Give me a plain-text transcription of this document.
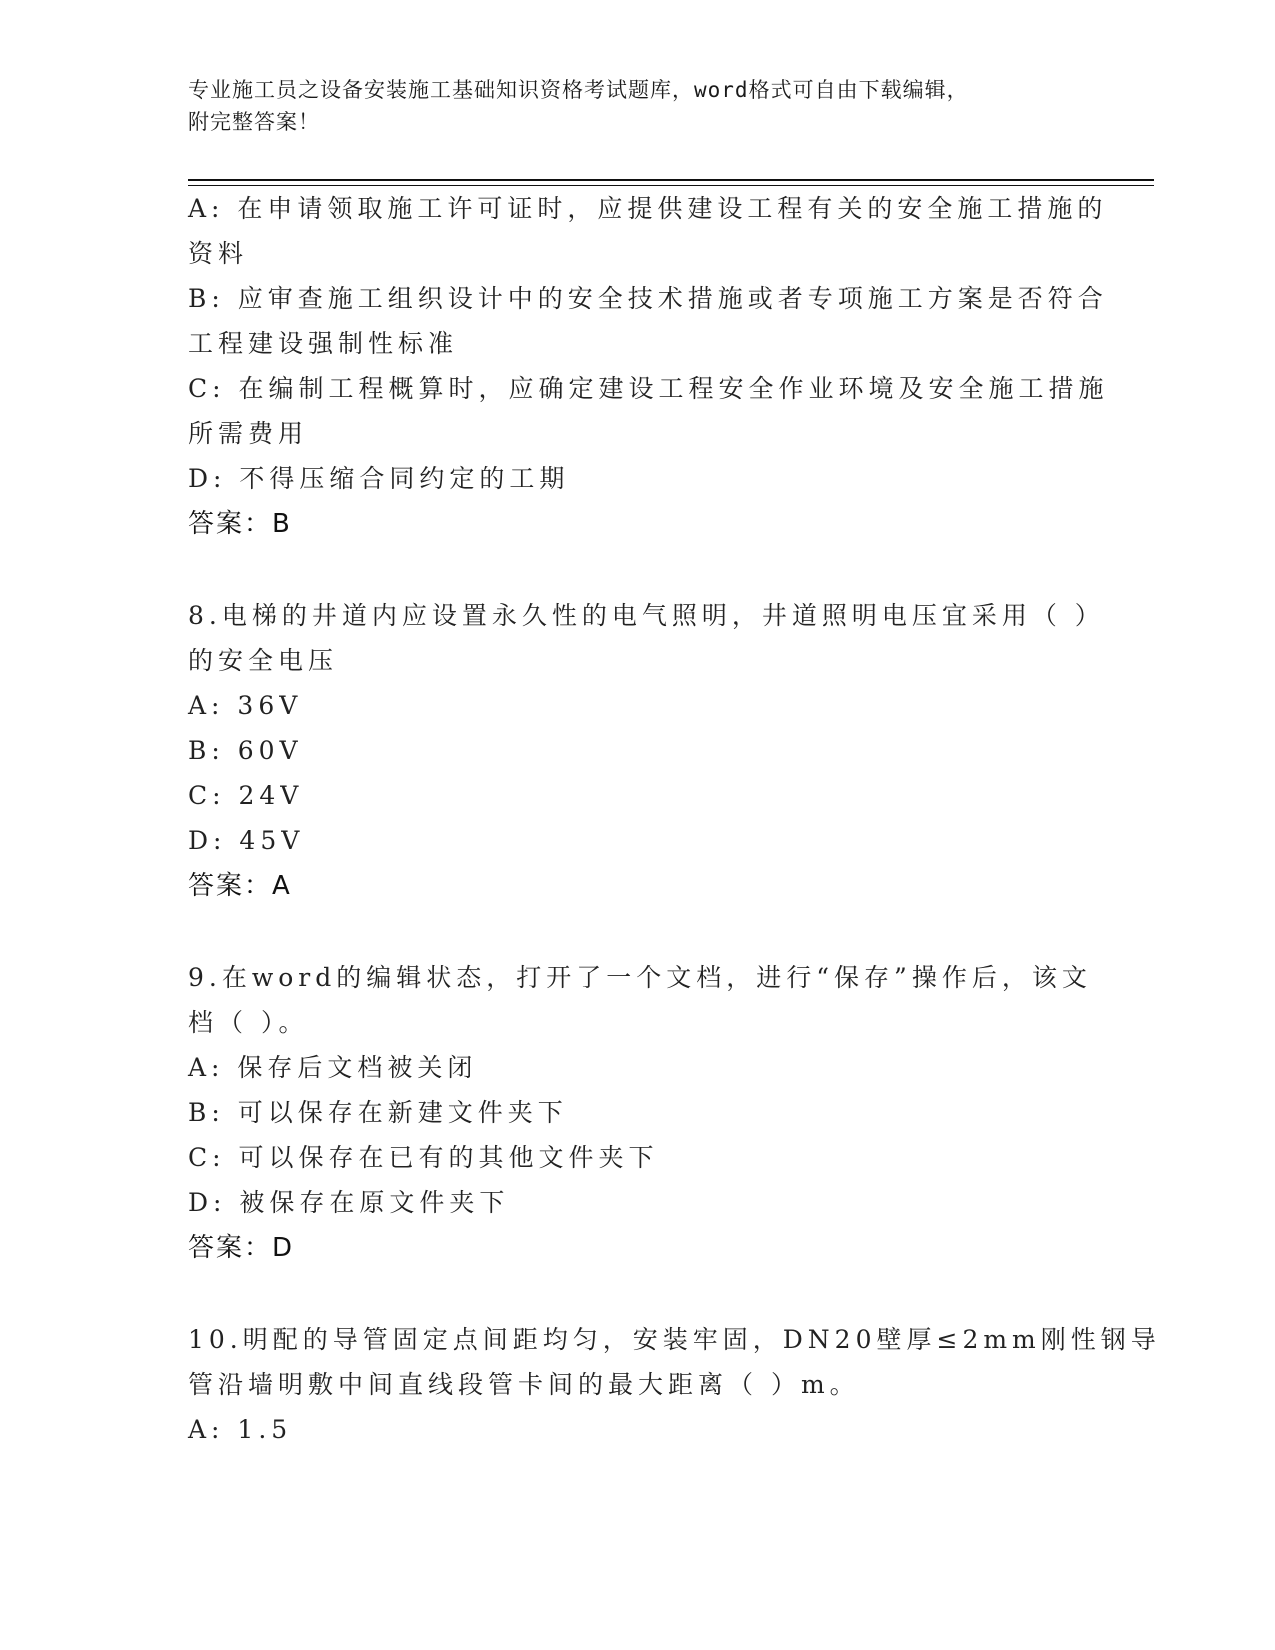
专业施工员之设备安装施工基础知识资格考试题库，word格式可自由下载编辑，
附完整答案！
A: 在申请领取施工许可证时，应提供建设工程有关的安全施工措施的
资料
B: 应审查施工组织设计中的安全技术措施或者专项施工方案是否符合
工程建设强制性标准
C: 在编制工程概算时，应确定建设工程安全作业环境及安全施工措施
所需费用
D: 不得压缩合同约定的工期
答案：B
8.电梯的井道内应设置永久性的电气照明，井道照明电压宜采用（ ）
的安全电压
A: 36V
B: 60V
C: 24V
D: 45V
答案：A
9.在word的编辑状态，打开了一个文档，进行“保存”操作后，该文
档（ ）。
A: 保存后文档被关闭
B: 可以保存在新建文件夹下
C: 可以保存在已有的其他文件夹下
D: 被保存在原文件夹下
答案：D
10.明配的导管固定点间距均匀，安装牢固，DN20壁厚≤2mm刚性钢导
管沿墙明敷中间直线段管卡间的最大距离（ ）m。
A: 1.5
